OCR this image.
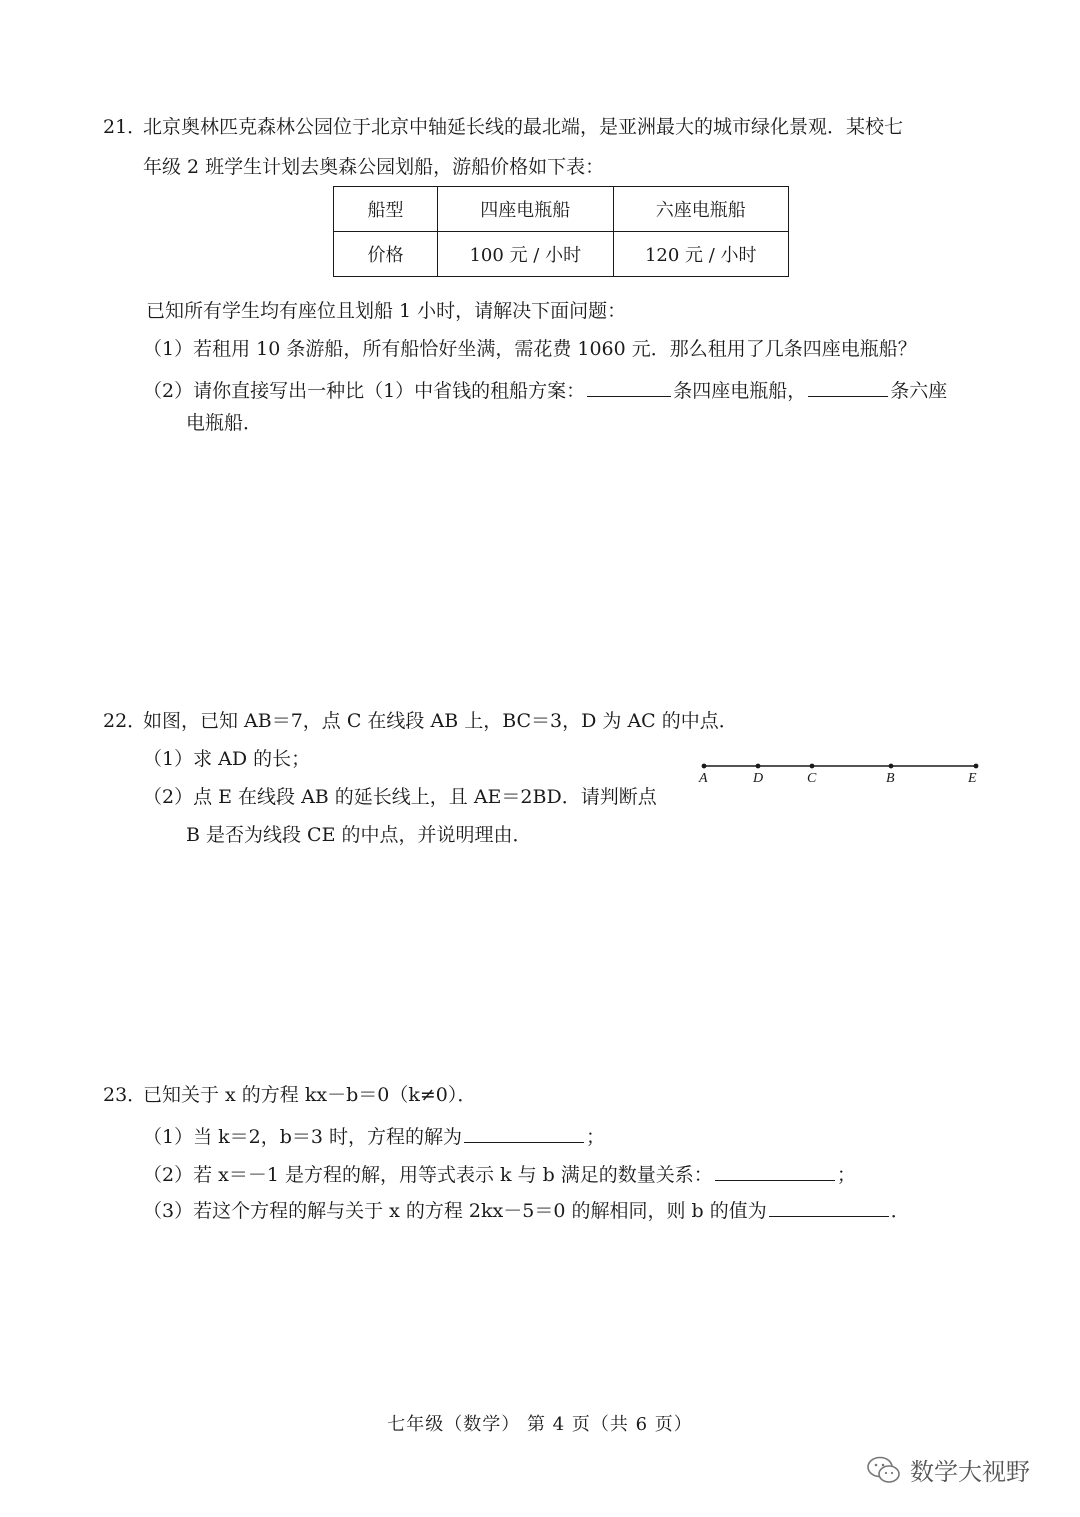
21．
北京奥林匹克森林公园位于北京中轴延长线的最北端，是亚洲最大的城市绿化景观．某校七
年级 2 班学生计划去奥森公园划船，游船价格如下表：
船型	四座电瓶船	六座电瓶船
价格	100 元 / 小时	120 元 / 小时
已知所有学生均有座位且划船 1 小时，请解决下面问题：
（1）若租用 10 条游船，所有船恰好坐满，需花费 1060 元．那么租用了几条四座电瓶船？
（2）请你直接写出一种比（1）中省钱的租船方案：	条四座电瓶船，	条六座
电瓶船．
22．
如图，已知 AB＝7，点 C 在线段 AB 上，BC＝3，D 为 AC 的中点．
（1）求 AD 的长；
（2）点 E 在线段 AB 的延长线上，且 AE＝2BD．请判断点
B 是否为线段 CE 的中点，并说明理由．
A	D	C	B	E
23．
已知关于 x 的方程 kx－b＝0（k≠0）．
（1）当 k＝2，b＝3 时，方程的解为	；
（2）若 x＝－1 是方程的解，用等式表示 k 与 b 满足的数量关系：	；
（3）若这个方程的解与关于 x 的方程 2kx－5＝0 的解相同，则 b 的值为	．
七年级（数学） 第 4 页（共 6 页）
数学大视野
